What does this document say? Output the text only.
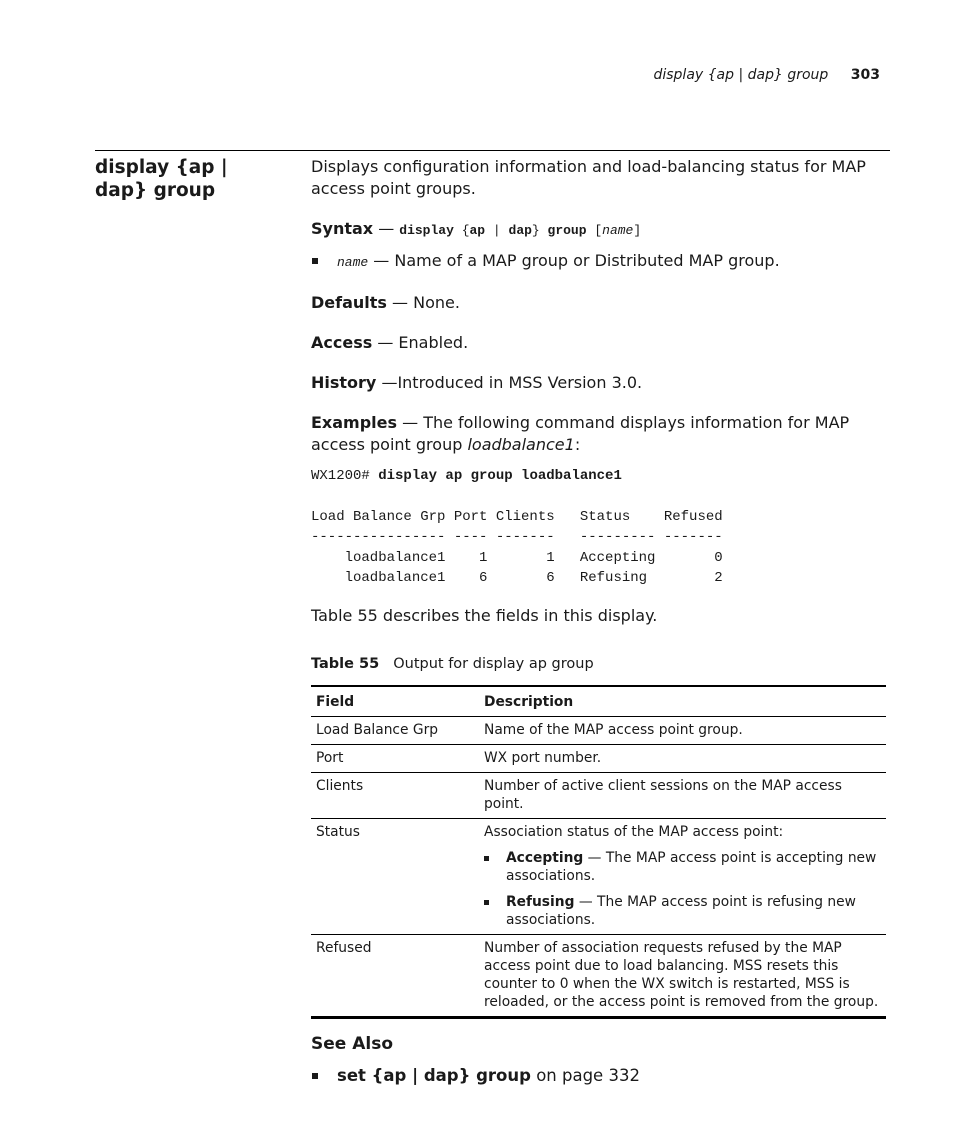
display {ap | dap} group 303
display {ap | dap} group

Displays configuration information and load-balancing status for MAP access point groups.

Syntax — display {ap | dap} group [name]

name — Name of a MAP group or Distributed MAP group.

Defaults — None.

Access — Enabled.

History —Introduced in MSS Version 3.0.

Examples — The following command displays information for MAP access point group loadbalance1:

WX1200# display ap group loadbalance1
Load Balance Grp Port Clients   Status    Refused
---------------- ---- -------   --------- -------
loadbalance1    1       1   Accepting       0
loadbalance1    6       6   Refusing        2

Table 55 describes the fields in this display.

Table 55 Output for display ap group

Field	Description
Load Balance Grp	Name of the MAP access point group.
Port	WX port number.
Clients	Number of active client sessions on the MAP access point.
Status	Association status of the MAP access point:
Accepting — The MAP access point is accepting new associations.
Refusing — The MAP access point is refusing new associations.

Refused	Number of association requests refused by the MAP access point due to load balancing. MSS resets this counter to 0 when the WX switch is restarted, MSS is reloaded, or the access point is removed from the group.

See Also

set {ap | dap} group on page 332
